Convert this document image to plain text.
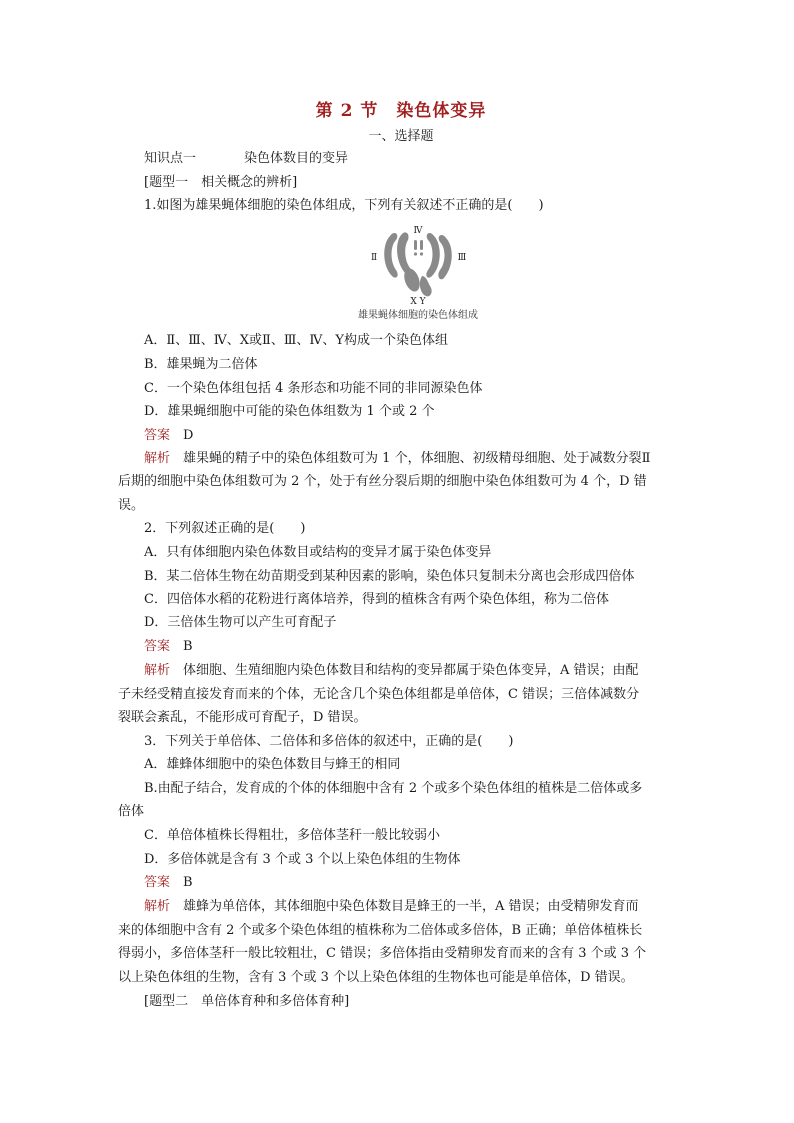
第 2 节　染色体变异
一、选择题
知识点一	染色体数目的变异
[题型一　相关概念的辨析]
1.如图为雄果蝇体细胞的染色体组成，下列有关叙述不正确的是(　　)
Ⅳ
Ⅱ	Ⅲ
X Y
雄果蝇体细胞的染色体组成
A．Ⅱ、Ⅲ、Ⅳ、X或Ⅱ、Ⅲ、Ⅳ、Y构成一个染色体组
B．雄果蝇为二倍体
C．一个染色体组包括 4 条形态和功能不同的非同源染色体
D．雄果蝇细胞中可能的染色体组数为 1 个或 2 个
答案　 D
解析　 雄果蝇的精子中的染色体组数可为 1 个，体细胞、初级精母细胞、处于减数分裂Ⅱ
后期的细胞中染色体组数可为 2 个，处于有丝分裂后期的细胞中染色体组数可为 4 个，D 错
误。
2．下列叙述正确的是(　　)
A．只有体细胞内染色体数目或结构的变异才属于染色体变异
B．某二倍体生物在幼苗期受到某种因素的影响，染色体只复制未分离也会形成四倍体
C．四倍体水稻的花粉进行离体培养，得到的植株含有两个染色体组，称为二倍体
D．三倍体生物可以产生可育配子
答案　 B
解析　 体细胞、生殖细胞内染色体数目和结构的变异都属于染色体变异，A 错误；由配
子未经受精直接发育而来的个体，无论含几个染色体组都是单倍体，C 错误；三倍体减数分
裂联会紊乱，不能形成可育配子，D 错误。
3．下列关于单倍体、二倍体和多倍体的叙述中，正确的是(　　)
A．雄蜂体细胞中的染色体数目与蜂王的相同
B.由配子结合，发育成的个体的体细胞中含有 2 个或多个染色体组的植株是二倍体或多
倍体
C．单倍体植株长得粗壮，多倍体茎秆一般比较弱小
D．多倍体就是含有 3 个或 3 个以上染色体组的生物体
答案　 B
解析　 雄蜂为单倍体，其体细胞中染色体数目是蜂王的一半，A 错误；由受精卵发育而
来的体细胞中含有 2 个或多个染色体组的植株称为二倍体或多倍体，B 正确；单倍体植株长
得弱小，多倍体茎秆一般比较粗壮，C 错误；多倍体指由受精卵发育而来的含有 3 个或 3 个
以上染色体组的生物，含有 3 个或 3 个以上染色体组的生物体也可能是单倍体，D 错误。
[题型二　单倍体育种和多倍体育种]
